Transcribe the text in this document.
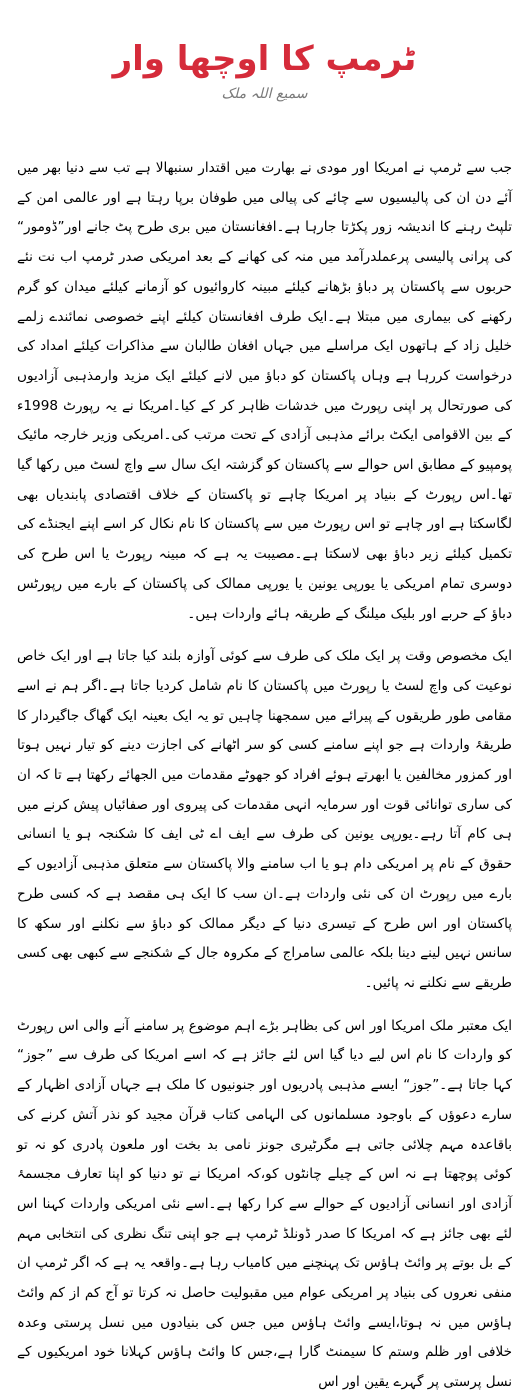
ٹرمپ کا اوچھا وار
سمیع اللہ ملک

جب سے ٹرمپ نے امریکا اور مودی نے بھارت میں اقتدار سنبھالا ہے تب سے دنیا بھر میں آئے دن ان کی پالیسیوں سے چائے کی پیالی میں طوفان برپا رہتا ہے اور عالمی امن کے تلپٹ رہنے کا اندیشہ زور پکڑتا جارہا ہے۔افغانستان میں بری طرح پٹ جانے اور”ڈومور“ کی پرانی پالیسی پرعملدرآمد میں منہ کی کھانے کے بعد امریکی صدر ٹرمپ اب نت نئے حربوں سے پاکستان پر دباؤ بڑھانے کیلئے مبینہ کاروائیوں کو آزمانے کیلئے میدان کو گرم رکھنے کی بیماری میں مبتلا ہے۔ایک طرف افغانستان کیلئے اپنے خصوصی نمائندے زلمے خلیل زاد کے ہاتھوں ایک مراسلے میں جہاں افغان طالبان سے مذاکرات کیلئے امداد کی درخواست کررہا ہے وہاں پاکستان کو دباؤ میں لانے کیلئے ایک مزید وارمذہبی آزادیوں کی صورتحال پر اپنی رپورٹ میں خدشات ظاہر کر کے کیا۔امریکا نے یہ رپورٹ 1998ء کے بین الاقوامی ایکٹ برائے مذہبی آزادی کے تحت مرتب کی۔امریکی وزیر خارجہ مائیک پومپیو کے مطابق اس حوالے سے پاکستان کو گزشتہ ایک سال سے واچ لسٹ میں رکھا گیا تھا۔اس رپورٹ کے بنیاد پر امریکا چاہے تو پاکستان کے خلاف اقتصادی پابندیاں بھی لگاسکتا ہے اور چاہے تو اس رپورٹ میں سے پاکستان کا نام نکال کر اسے اپنے ایجنڈے کی تکمیل کیلئے زیر دباؤ بھی لاسکتا ہے۔مصیبت یہ ہے کہ مبینہ رپورٹ یا اس طرح کی دوسری تمام امریکی یا یورپی یونین یا یورپی ممالک کی پاکستان کے بارے میں رپورٹس دباؤ کے حربے اور بلیک میلنگ کے طریقہ ہائے واردات ہیں۔

ایک مخصوص وقت پر ایک ملک کی طرف سے کوئی آوازہ بلند کیا جاتا ہے اور ایک خاص نوعیت کی واچ لسٹ یا رپورٹ میں پاکستان کا نام شامل کردیا جاتا ہے۔اگر ہم نے اسے مقامی طور طریقوں کے پیرائے میں سمجھنا چاہیں تو یہ ایک بعینہ ایک گھاگ جاگیردار کا طریقۂ واردات ہے جو اپنے سامنے کسی کو سر اٹھانے کی اجازت دینے کو تیار نہیں ہوتا اور کمزور مخالفین یا ابھرتے ہوئے افراد کو جھوٹے مقدمات میں الجھائے رکھتا ہے تا کہ ان کی ساری توانائی قوت اور سرمایہ انہی مقدمات کی پیروی اور صفائیاں پیش کرنے میں ہی کام آتا رہے۔یورپی یونین کی طرف سے ایف اے ٹی ایف کا شکنجہ ہو یا انسانی حقوق کے نام پر امریکی دام ہو یا اب سامنے والا پاکستان سے متعلق مذہبی آزادیوں کے بارے میں رپورٹ ان کی نئی واردات ہے۔ان سب کا ایک ہی مقصد ہے کہ کسی طرح پاکستان اور اس طرح کے تیسری دنیا کے دیگر ممالک کو دباؤ سے نکلنے اور سکھ کا سانس نہیں لینے دینا بلکہ عالمی سامراج کے مکروہ جال کے شکنجے سے کبھی بھی کسی طریقے سے نکلنے نہ پائیں۔

ایک معتبر ملک امریکا اور اس کی بظاہر بڑے اہم موضوع پر سامنے آنے والی اس رپورٹ کو واردات کا نام اس لیے دیا گیا اس لئے جائز ہے کہ اسے امریکا کی طرف سے ”جوز“ کہا جاتا ہے۔”جوز“ ایسے مذہبی پادریوں اور جنونیوں کا ملک ہے جہاں آزادی اظہار کے سارے دعوؤں کے باوجود مسلمانوں کی الہامی کتاب قرآن مجید کو نذر آتش کرنے کی باقاعدہ مہم چلائی جاتی ہے مگرٹیری جونز نامی بد بخت اور ملعون پادری کو نہ تو کوئی پوچھتا ہے نہ اس کے چیلے چانٹوں کو،کہ امریکا نے تو دنیا کو اپنا تعارف مجسمۂ آزادی اور انسانی آزادیوں کے حوالے سے کرا رکھا ہے۔اسے نئی امریکی واردات کہنا اس لئے بھی جائز ہے کہ امریکا کا صدر ڈونلڈ ٹرمپ ہے جو اپنی تنگ نظری کی انتخابی مہم کے بل بوتے پر وائٹ ہاؤس تک پہنچنے میں کامیاب رہا ہے۔واقعہ یہ ہے کہ اگر ٹرمپ ان منفی نعروں کی بنیاد پر امریکی عوام میں مقبولیت حاصل نہ کرتا تو آج کم از کم وائٹ ہاؤس میں نہ ہوتا،ایسے وائٹ ہاؤس میں جس کی بنیادوں میں نسل پرستی وعدہ خلافی اور ظلم وستم کا سیمنٹ گارا ہے،جس کا وائٹ ہاؤس کہلانا خود امریکیوں کے نسل پرستی پر گہرے یقین اور اس
